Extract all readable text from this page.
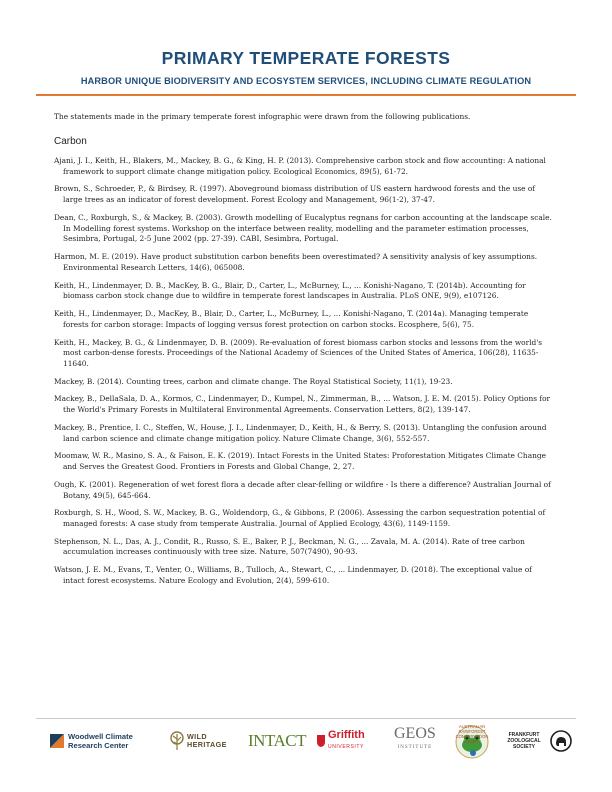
PRIMARY TEMPERATE FORESTS
HARBOR UNIQUE BIODIVERSITY AND ECOSYSTEM SERVICES, INCLUDING CLIMATE REGULATION
The statements made in the primary temperate forest infographic were drawn from the following publications.
Carbon
Ajani, J. I., Keith, H., Blakers, M., Mackey, B. G., & King, H. P. (2013). Comprehensive carbon stock and flow accounting: A national framework to support climate change mitigation policy. Ecological Economics, 89(5), 61-72.
Brown, S., Schroeder, P., & Birdsey, R. (1997). Aboveground biomass distribution of US eastern hardwood forests and the use of large trees as an indicator of forest development. Forest Ecology and Management, 96(1-2), 37-47.
Dean, C., Roxburgh, S., & Mackey, B. (2003). Growth modelling of Eucalyptus regnans for carbon accounting at the landscape scale. In Modelling forest systems. Workshop on the interface between reality, modelling and the parameter estimation processes, Sesimbra, Portugal, 2-5 June 2002 (pp. 27-39). CABI, Sesimbra, Portugal.
Harmon, M. E. (2019). Have product substitution carbon benefits been overestimated? A sensitivity analysis of key assumptions. Environmental Research Letters, 14(6), 065008.
Keith, H., Lindenmayer, D. B., MacKey, B. G., Blair, D., Carter, L., McBurney, L., ... Konishi-Nagano, T. (2014b). Accounting for biomass carbon stock change due to wildfire in temperate forest landscapes in Australia. PLoS ONE, 9(9), e107126.
Keith, H., Lindenmayer, D., MacKey, B., Blair, D., Carter, L., McBurney, L., ... Konishi-Nagano, T. (2014a). Managing temperate forests for carbon storage: Impacts of logging versus forest protection on carbon stocks. Ecosphere, 5(6), 75.
Keith, H., Mackey, B. G., & Lindenmayer, D. B. (2009). Re-evaluation of forest biomass carbon stocks and lessons from the world's most carbon-dense forests. Proceedings of the National Academy of Sciences of the United States of America, 106(28), 11635-11640.
Mackey, B. (2014). Counting trees, carbon and climate change. The Royal Statistical Society, 11(1), 19-23.
Mackey, B., DellaSala, D. A., Kormos, C., Lindenmayer, D., Kumpel, N., Zimmerman, B., ... Watson, J. E. M. (2015). Policy Options for the World's Primary Forests in Multilateral Environmental Agreements. Conservation Letters, 8(2), 139-147.
Mackey, B., Prentice, I. C., Steffen, W., House, J. I., Lindenmayer, D., Keith, H., & Berry, S. (2013). Untangling the confusion around land carbon science and climate change mitigation policy. Nature Climate Change, 3(6), 552-557.
Moomaw, W. R., Masino, S. A., & Faison, E. K. (2019). Intact Forests in the United States: Proforestation Mitigates Climate Change and Serves the Greatest Good. Frontiers in Forests and Global Change, 2, 27.
Ough, K. (2001). Regeneration of wet forest flora a decade after clear-felling or wildfire - Is there a difference? Australian Journal of Botany, 49(5), 645-664.
Roxburgh, S. H., Wood, S. W., Mackey, B. G., Woldendorp, G., & Gibbons, P. (2006). Assessing the carbon sequestration potential of managed forests: A case study from temperate Australia. Journal of Applied Ecology, 43(6), 1149-1159.
Stephenson, N. L., Das, A. J., Condit, R., Russo, S. E., Baker, P. J., Beckman, N. G., ... Zavala, M. A. (2014). Rate of tree carbon accumulation increases continuously with tree size. Nature, 507(7490), 90-93.
Watson, J. E. M., Evans, T., Venter, O., Williams, B., Tulloch, A., Stewart, C., ... Lindenmayer, D. (2018). The exceptional value of intact forest ecosystems. Nature Ecology and Evolution, 2(4), 599-610.
Woodwell Climate
Research Center
WILD
HERITAGE INTACT Griffith
UNIVERSITY
GEOS
INSTITUTE
AUSTRALIAN RAINFOREST CONSERVATION SOCIETY
FRANKFURT
ZOOLOGICAL
SOCIETY
